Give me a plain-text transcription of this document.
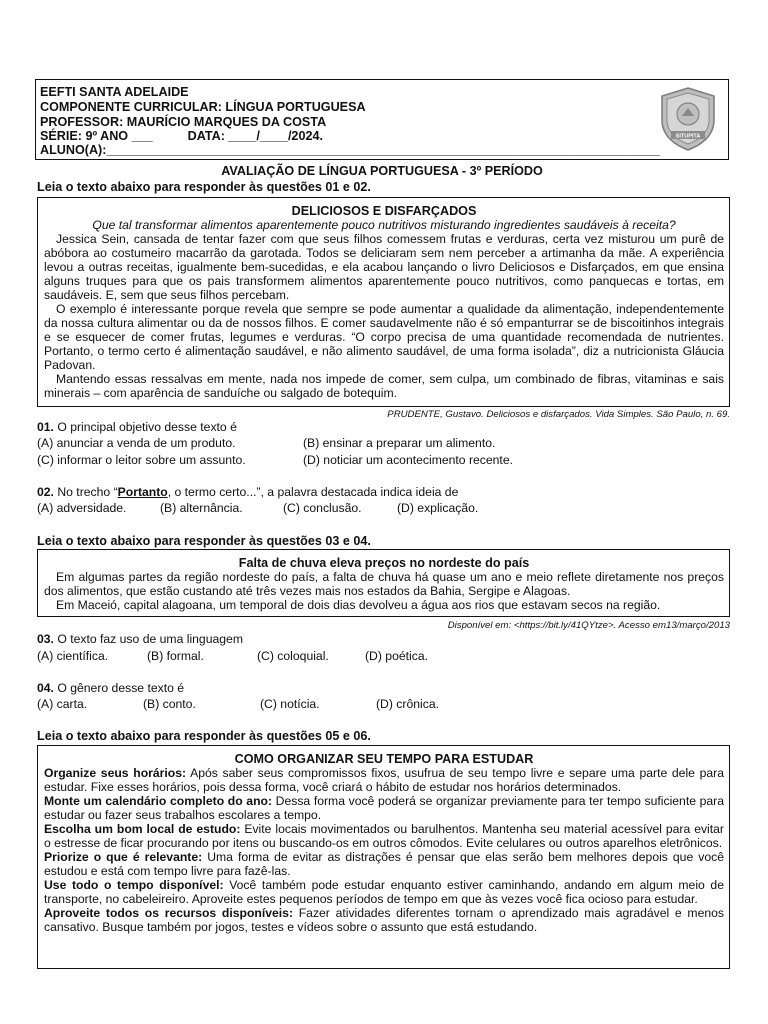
EEFTI SANTA ADELAIDE
COMPONENTE CURRICULAR: LÍNGUA PORTUGUESA
PROFESSOR: MAURÍCIO MARQUES DA COSTA
SÉRIE: 9º ANO ___          DATA: ____/____/2024.
ALUNO(A):_______________________________________________________________________________
SITUPITA
AVALIAÇÃO DE LÍNGUA PORTUGUESA - 3º PERÍODO
Leia o texto abaixo para responder às questões 01 e 02.
DELICIOSOS E DISFARÇADOS
Que tal transformar alimentos aparentemente pouco nutritivos misturando ingredientes saudáveis à receita?

Jessica Sein, cansada de tentar fazer com que seus filhos comessem frutas e verduras, certa vez misturou um purê de abóbora ao costumeiro macarrão da garotada. Todos se deliciaram sem nem perceber a artimanha da mãe. A experiência levou a outras receitas, igualmente bem-sucedidas, e ela acabou lançando o livro Deliciosos e Disfarçados, em que ensina alguns truques para que os pais transformem alimentos aparentemente pouco nutritivos, como panquecas e tortas, em saudáveis. E, sem que seus filhos percebam.

O exemplo é interessante porque revela que sempre se pode aumentar a qualidade da alimentação, independentemente da nossa cultura alimentar ou da de nossos filhos. E comer saudavelmente não é só empanturrar se de biscoitinhos integrais e se esquecer de comer frutas, legumes e verduras. “O corpo precisa de uma quantidade recomendada de nutrientes. Portanto, o termo certo é alimentação saudável, e não alimento saudável, de uma forma isolada”, diz a nutricionista Gláucia Padovan.

Mantendo essas ressalvas em mente, nada nos impede de comer, sem culpa, um combinado de fibras, vitaminas e sais minerais – com aparência de sanduíche ou salgado de botequim.

PRUDENTE, Gustavo. Deliciosos e disfarçados. Vida Simples. São Paulo, n. 69.
01. O principal objetivo desse texto é
(A) anunciar a venda de um produto.	(B) ensinar a preparar um alimento.
(C) informar o leitor sobre um assunto.	(D) noticiar um acontecimento recente.
02. No trecho “Portanto, o termo certo...”, a palavra destacada indica ideia de
(A) adversidade.	(B) alternância.	(C) conclusão.	(D) explicação.
Leia o texto abaixo para responder às questões 03 e 04.
Falta de chuva eleva preços no nordeste do país

Em algumas partes da região nordeste do país, a falta de chuva há quase um ano e meio reflete diretamente nos preços dos alimentos, que estão custando até três vezes mais nos estados da Bahia, Sergipe e Alagoas.

Em Maceió, capital alagoana, um temporal de dois dias devolveu a água aos rios que estavam secos na região.

Disponível em: <https://bit.ly/41QYtze>. Acesso em13/março/2013
03. O texto faz uso de uma linguagem
(A) científica.	(B) formal.	(C) coloquial.	(D) poética.
04. O gênero desse texto é
(A) carta.	(B) conto.	(C) notícia.	(D) crônica.
Leia o texto abaixo para responder às questões 05 e 06.
COMO ORGANIZAR SEU TEMPO PARA ESTUDAR

Organize seus horários: Após saber seus compromissos fixos, usufrua de seu tempo livre e separe uma parte dele para estudar. Fixe esses horários, pois dessa forma, você criará o hábito de estudar nos horários determinados.

Monte um calendário completo do ano: Dessa forma você poderá se organizar previamente para ter tempo suficiente para estudar ou fazer seus trabalhos escolares a tempo.

Escolha um bom local de estudo: Evite locais movimentados ou barulhentos. Mantenha seu material acessível para evitar o estresse de ficar procurando por itens ou buscando-os em outros cômodos. Evite celulares ou outros aparelhos eletrônicos.

Priorize o que é relevante: Uma forma de evitar as distrações é pensar que elas serão bem melhores depois que você estudou e está com tempo livre para fazê-las.

Use todo o tempo disponível: Você também pode estudar enquanto estiver caminhando, andando em algum meio de transporte, no cabeleireiro. Aproveite estes pequenos períodos de tempo em que às vezes você fica ocioso para estudar.

Aproveite todos os recursos disponíveis: Fazer atividades diferentes tornam o aprendizado mais agradável e menos cansativo. Busque também por jogos, testes e vídeos sobre o assunto que está estudando.
